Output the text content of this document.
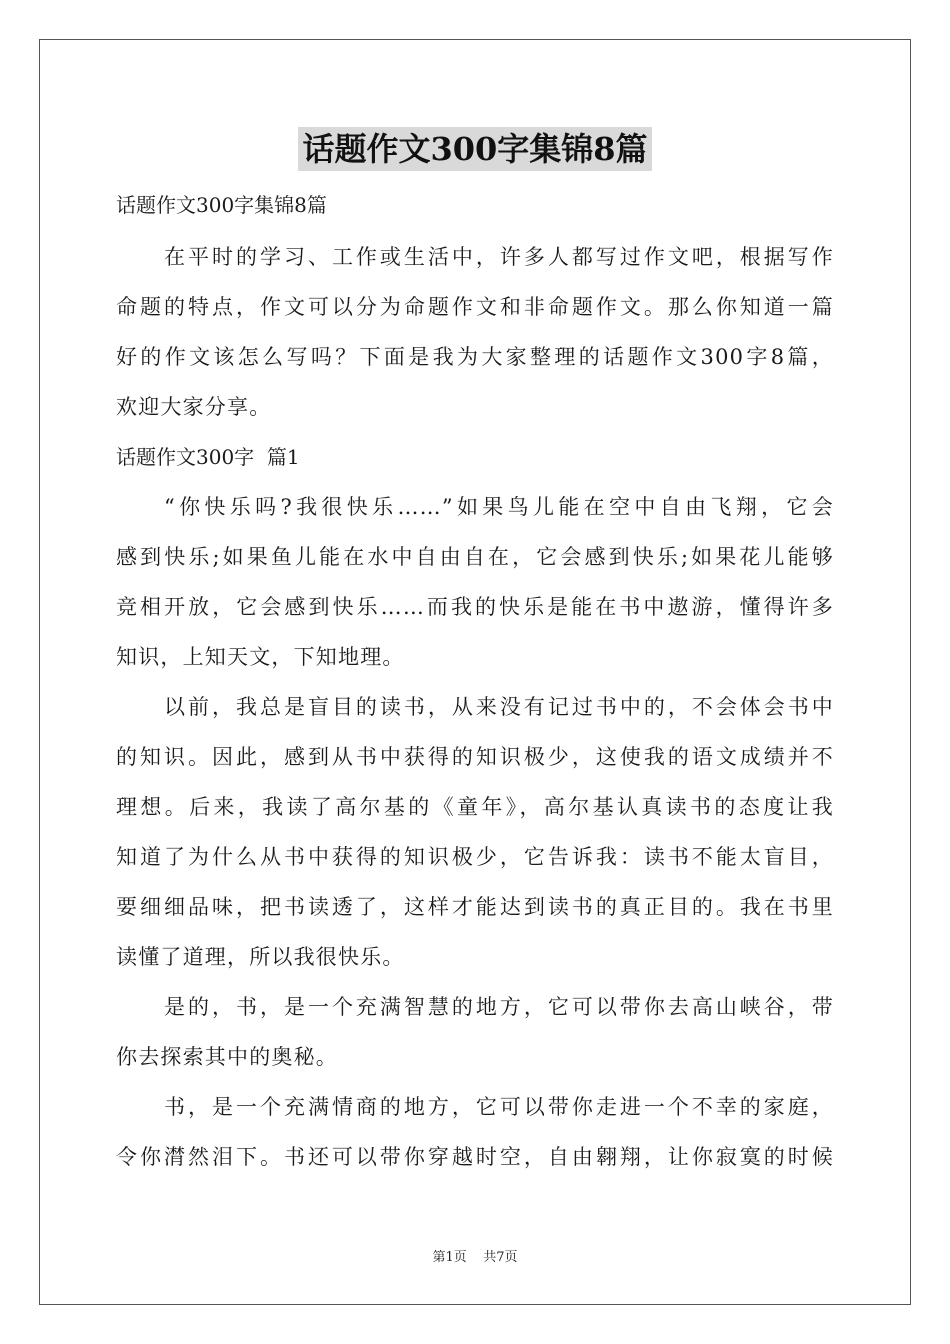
话题作文300字集锦8篇
话题作文300字集锦8篇
在平时的学习、工作或生活中，许多人都写过作文吧，根据写作
命题的特点，作文可以分为命题作文和非命题作文。那么你知道一篇
好的作文该怎么写吗？下面是我为大家整理的话题作文300字8篇，
欢迎大家分享。
话题作文300字  篇1
“你快乐吗?我很快乐……”如果鸟儿能在空中自由飞翔，它会
感到快乐;如果鱼儿能在水中自由自在，它会感到快乐;如果花儿能够
竞相开放，它会感到快乐……而我的快乐是能在书中遨游，懂得许多
知识，上知天文，下知地理。
以前，我总是盲目的读书，从来没有记过书中的，不会体会书中
的知识。因此，感到从书中获得的知识极少，这使我的语文成绩并不
理想。后来，我读了高尔基的《童年》，高尔基认真读书的态度让我
知道了为什么从书中获得的知识极少，它告诉我：读书不能太盲目，
要细细品味，把书读透了，这样才能达到读书的真正目的。我在书里
读懂了道理，所以我很快乐。
是的，书，是一个充满智慧的地方，它可以带你去高山峡谷，带
你去探索其中的奥秘。
书，是一个充满情商的地方，它可以带你走进一个不幸的家庭，
令你潸然泪下。书还可以带你穿越时空，自由翱翔，让你寂寞的时候
第1页    共7页
